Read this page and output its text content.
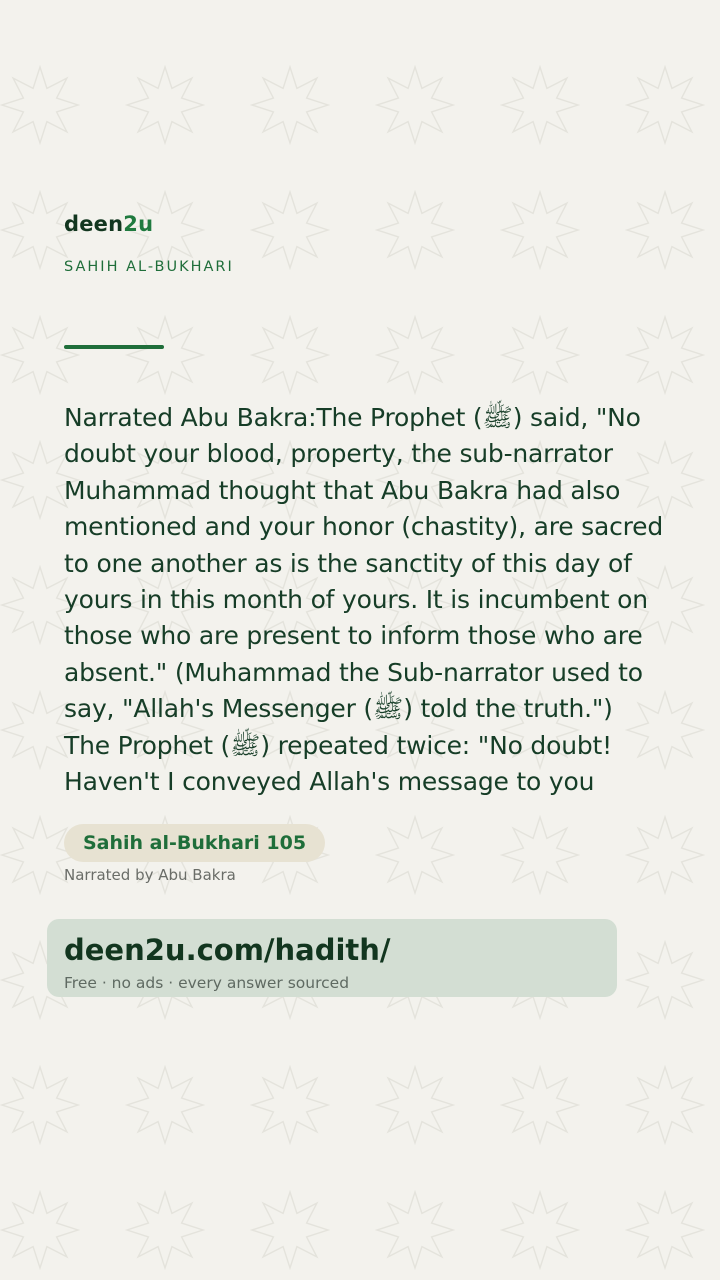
deen2u
SAHIH AL-BUKHARI
Narrated Abu Bakra:The Prophet (ﷺ) said, "No doubt your blood, property, the sub-narrator Muhammad thought that Abu Bakra had also mentioned and your honor (chastity), are sacred to one another as is the sanctity of this day of yours in this month of yours. It is incumbent on those who are present to inform those who are absent." (Muhammad the Sub-narrator used to say, "Allah's Messenger (ﷺ) told the truth.") The Prophet (ﷺ) repeated twice: "No doubt! Haven't I conveyed Allah's message to you
Sahih al-Bukhari 105
Narrated by Abu Bakra
deen2u.com/hadith/
Free · no ads · every answer sourced
